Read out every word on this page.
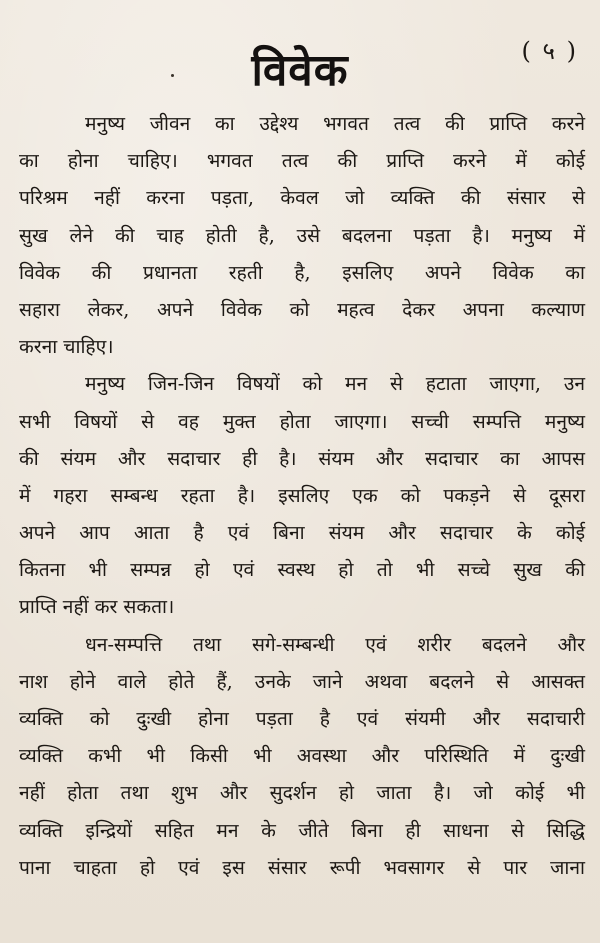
( ५ )
विवेक
मनुष्य जीवन का उद्देश्य भगवत तत्व की प्राप्ति करने
का होना चाहिए। भगवत तत्व की प्राप्ति करने में कोई
परिश्रम नहीं करना पड़ता, केवल जो व्यक्ति की संसार से
सुख लेने की चाह होती है, उसे बदलना पड़ता है। मनुष्य में
विवेक की प्रधानता रहती है, इसलिए अपने विवेक का
सहारा लेकर, अपने विवेक को महत्व देकर अपना कल्याण
करना चाहिए।
मनुष्य जिन-जिन विषयों को मन से हटाता जाएगा, उन
सभी विषयों से वह मुक्त होता जाएगा। सच्ची सम्पत्ति मनुष्य
की संयम और सदाचार ही है। संयम और सदाचार का आपस
में गहरा सम्बन्ध रहता है। इसलिए एक को पकड़ने से दूसरा
अपने आप आता है एवं बिना संयम और सदाचार के कोई
कितना भी सम्पन्न हो एवं स्वस्थ हो तो भी सच्चे सुख की
प्राप्ति नहीं कर सकता।
धन-सम्पत्ति तथा सगे-सम्बन्धी एवं शरीर बदलने और
नाश होने वाले होते हैं, उनके जाने अथवा बदलने से आसक्त
व्यक्ति को दुःखी होना पड़ता है एवं संयमी और सदाचारी
व्यक्ति कभी भी किसी भी अवस्था और परिस्थिति में दुःखी
नहीं होता तथा शुभ और सुदर्शन हो जाता है। जो कोई भी
व्यक्ति इन्द्रियों सहित मन के जीते बिना ही साधना से सिद्धि
पाना चाहता हो एवं इस संसार रूपी भवसागर से पार जाना
